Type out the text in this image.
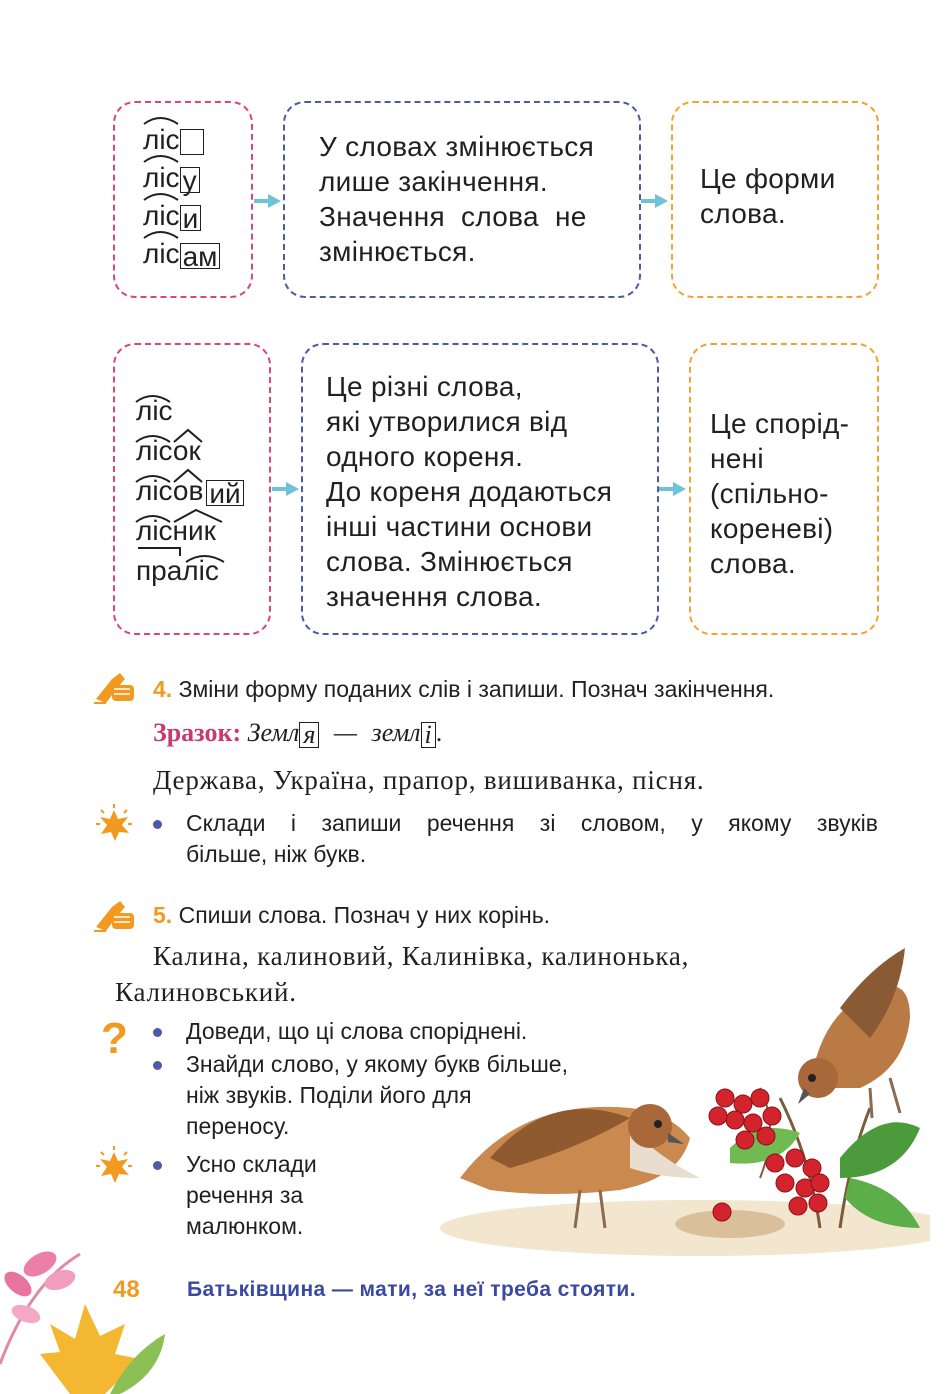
ліс
ліс у
ліс и
ліс ам
У словах змінюється
лише закінчення.
Значення слова не
змінюється.
Це форми
слова.
ліс
лісок
лісов ий
лісник
праліс
Це різні слова,
які утворилися від
одного кореня.
До кореня додаються
інші частини основи
слова. Змінюється
значення слова.
Це спорід-
нені
(спільно-
кореневі)
слова.
4. Зміни форму поданих слів і запиши. Познач закінчення.
Зразок: Земл я — земл і .
Держава, Україна, прапор, вишиванка, пісня.
Склади і запиши речення зі словом, у якому звуків
більше, ніж букв.
5. Спиши слова. Познач у них корінь.
Калина, калиновий, Калинівка, калинонька,
Калиновський.
?	Доведи, що ці слова споріднені.
Знайди слово, у якому букв більше,
ніж звуків. Поділи його для
переносу.
Усно склади
речення за
малюнком.
48 Батьківщина — мати, за неї треба стояти.
